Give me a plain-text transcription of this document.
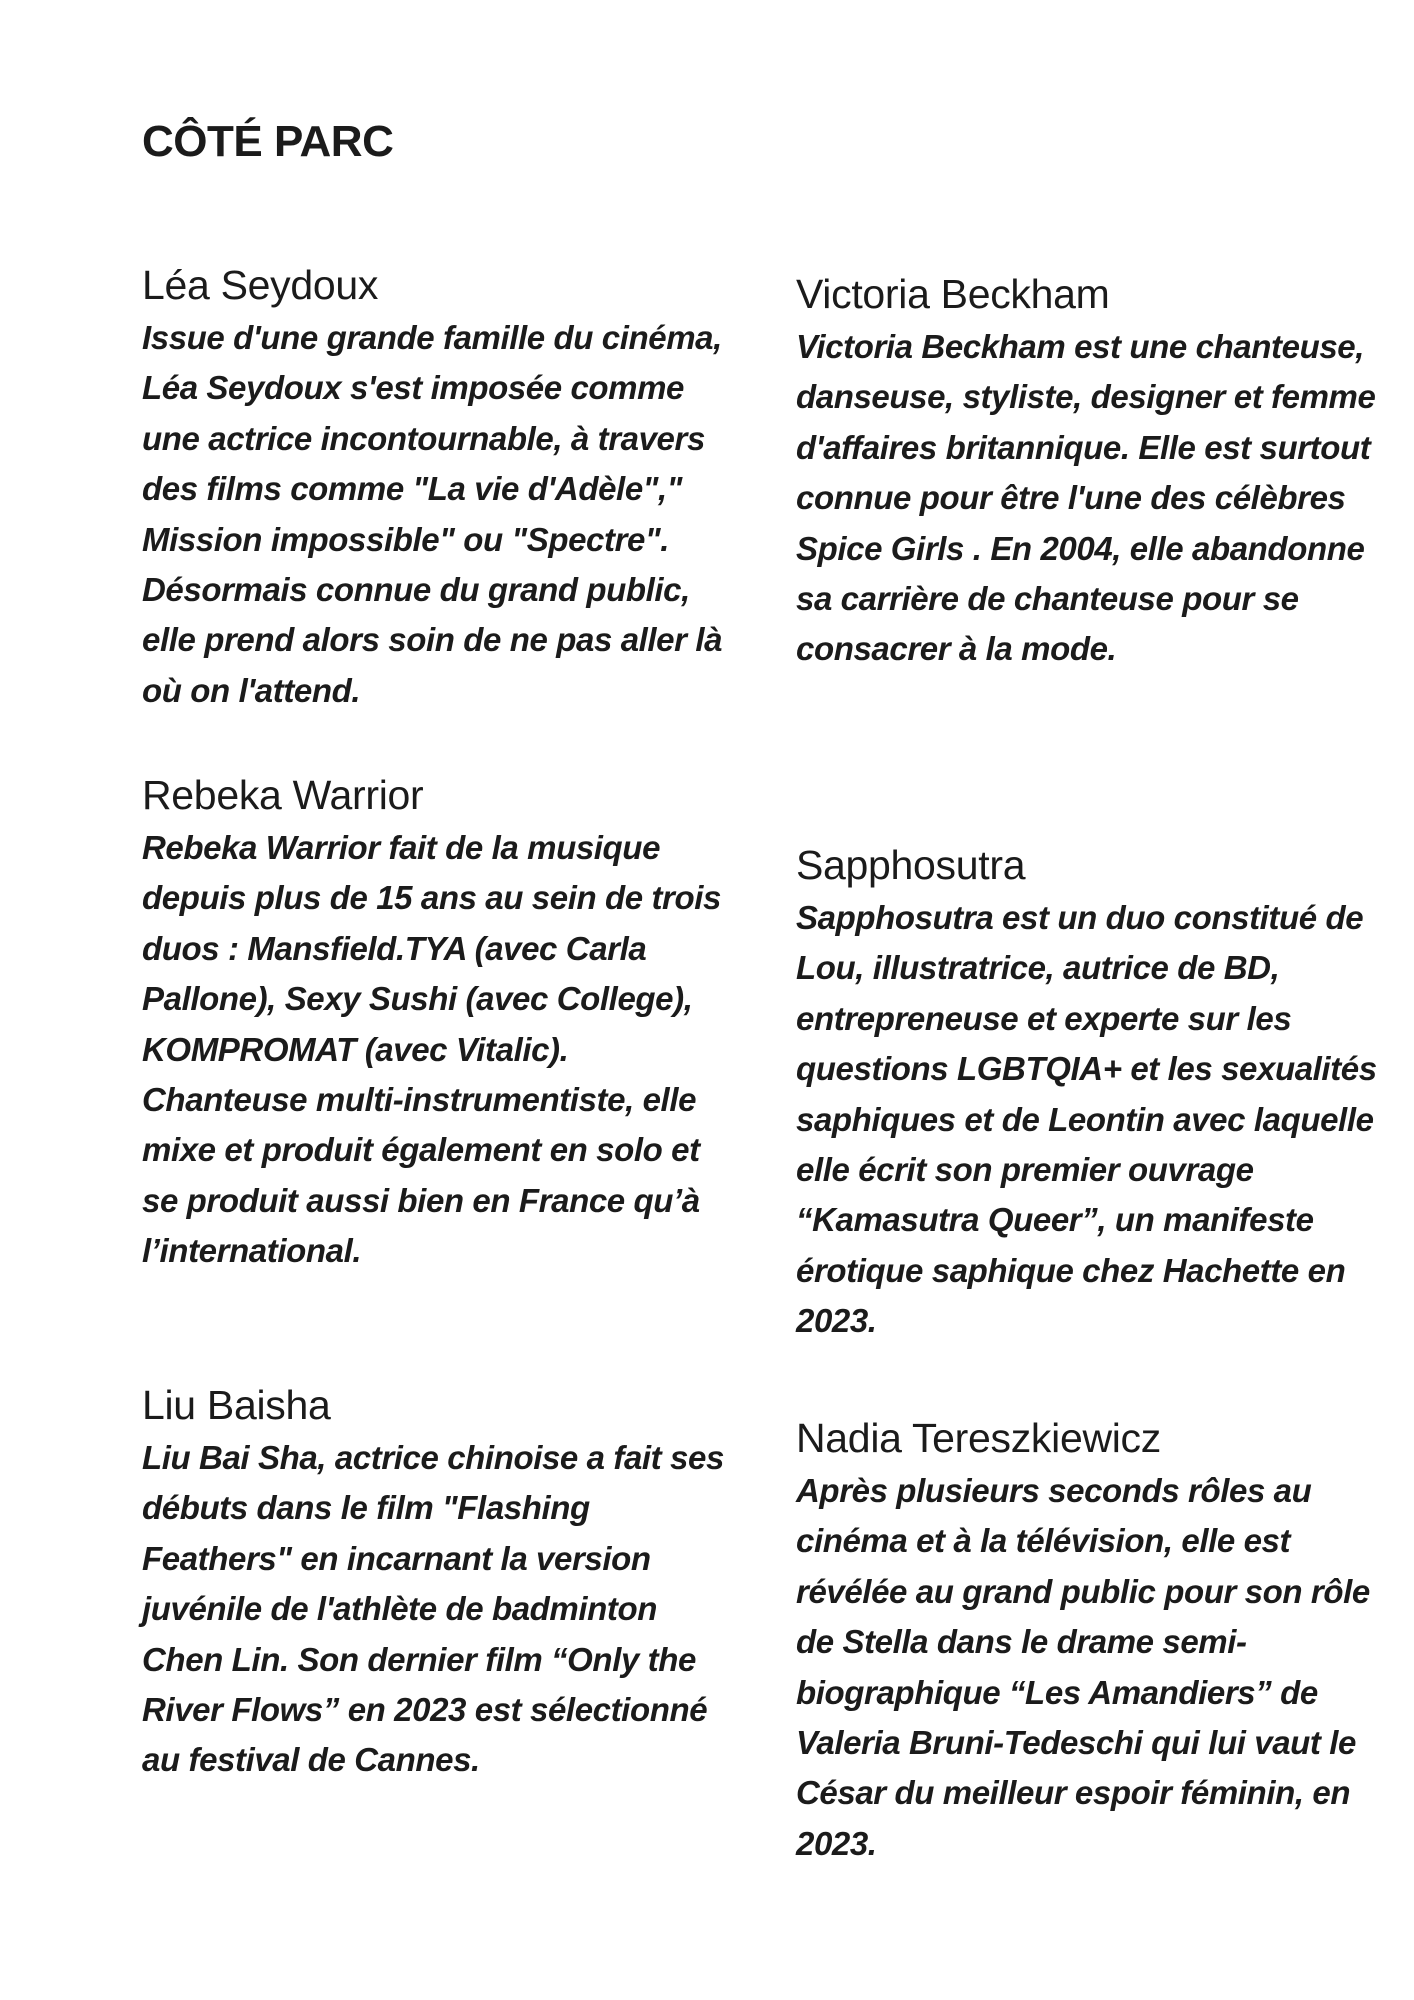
CÔTÉ PARC
Léa Seydoux

Issue d'une grande famille du cinéma, Léa Seydoux s'est imposée comme une actrice incontournable, à travers des films comme "La vie d'Adèle"," Mission impossible" ou "Spectre". Désormais connue du grand public, elle prend alors soin de ne pas aller là où on l'attend.

Rebeka Warrior

Rebeka Warrior fait de la musique depuis plus de 15 ans au sein de trois duos : Mansfield.TYA (avec Carla Pallone), Sexy Sushi (avec College), KOMPROMAT (avec Vitalic). Chanteuse multi-instrumentiste, elle mixe et produit également en solo et se produit aussi bien en France qu’à l’international.

Liu Baisha

Liu Bai Sha, actrice chinoise a fait ses débuts dans le film "Flashing Feathers" en incarnant la version juvénile de l'athlète de badminton Chen Lin. Son dernier film “Only the River Flows” en 2023 est sélectionné au festival de Cannes.

Victoria Beckham

Victoria Beckham est une chanteuse, danseuse, styliste, designer et femme d'affaires britannique. Elle est surtout connue pour être l'une des célèbres Spice Girls . En 2004, elle abandonne sa carrière de chanteuse pour se consacrer à la mode.

Sapphosutra

Sapphosutra est un duo constitué de Lou, illustratrice, autrice de BD, entrepreneuse et experte sur les questions LGBTQIA+ et les sexualités saphiques et de Leontin avec laquelle elle écrit son premier ouvrage “Kamasutra Queer”, un manifeste érotique saphique chez Hachette en 2023.

Nadia Tereszkiewicz

Après plusieurs seconds rôles au cinéma et à la télévision, elle est révélée au grand public pour son rôle de Stella dans le drame semi-biographique “Les Amandiers” de Valeria Bruni-Tedeschi qui lui vaut le César du meilleur espoir féminin, en 2023.
